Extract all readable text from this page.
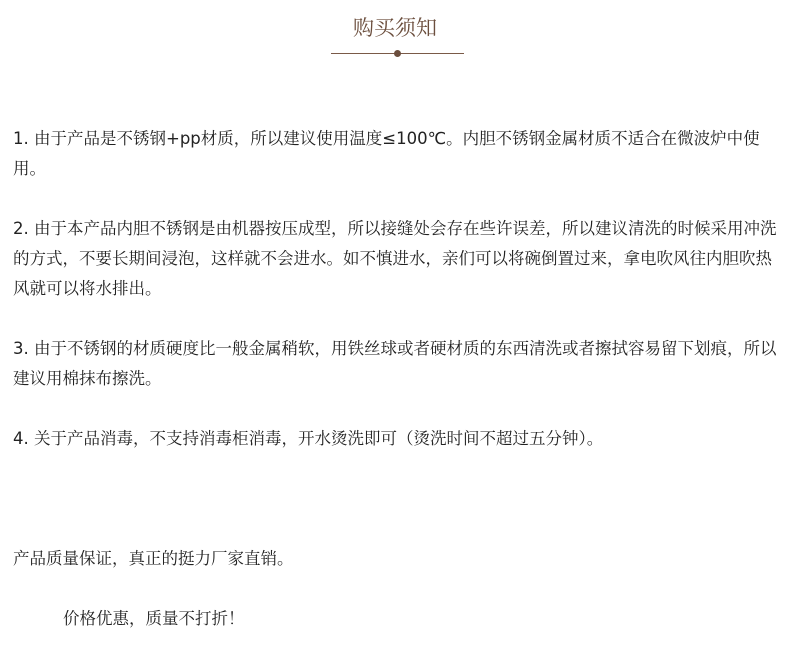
购买须知

1. 由于产品是不锈钢+pp材质，所以建议使用温度≤100℃。内胆不锈钢金属材质不适合在微波炉中使用。

2. 由于本产品内胆不锈钢是由机器按压成型，所以接缝处会存在些许误差，所以建议清洗的时候采用冲洗的方式，不要长期间浸泡，这样就不会进水。如不慎进水，亲们可以将碗倒置过来，拿电吹风往内胆吹热风就可以将水排出。

3. 由于不锈钢的材质硬度比一般金属稍软，用铁丝球或者硬材质的东西清洗或者擦拭容易留下划痕，所以建议用棉抹布擦洗。

4. 关于产品消毒，不支持消毒柜消毒，开水烫洗即可（烫洗时间不超过五分钟）。

产品质量保证，真正的挺力厂家直销。

价格优惠，质量不打折！
